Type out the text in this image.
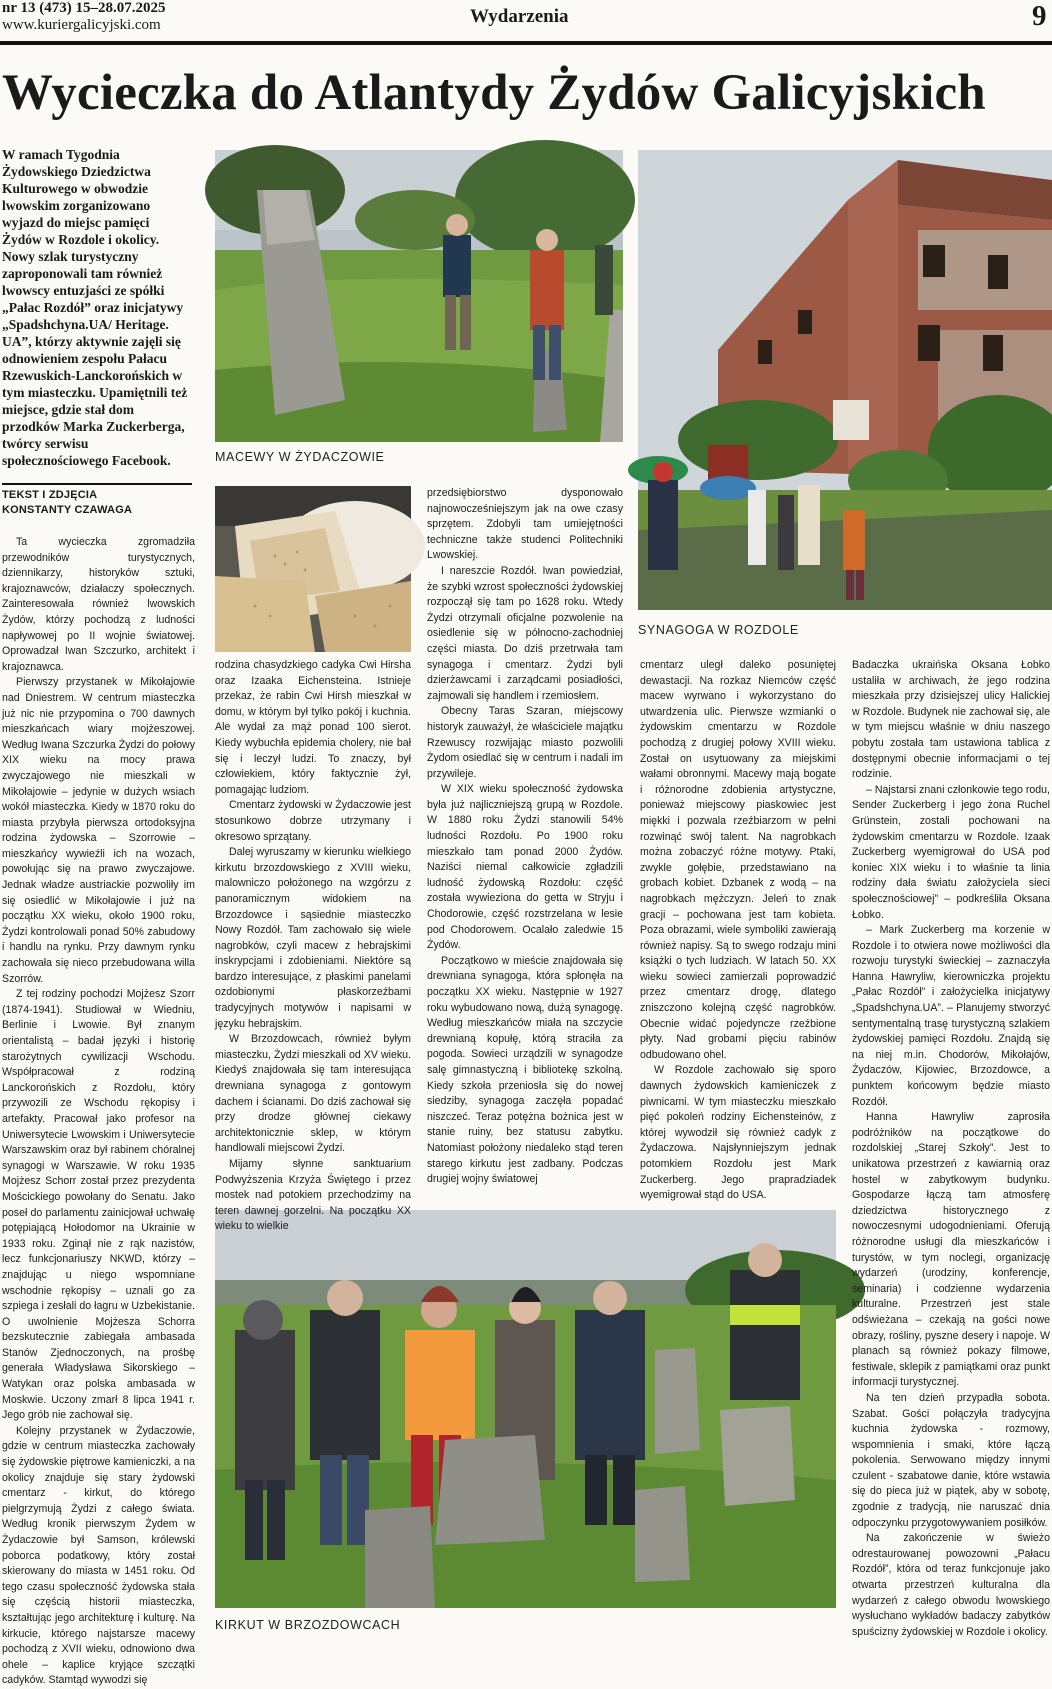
nr 13 (473) 15–28.07.2025
www.kuriergalicyjski.com	Wydarzenia	9
Wycieczka do Atlantydy Żydów Galicyjskich
W ramach Tygodnia Żydowskiego Dziedzictwa Kulturowego w obwodzie lwowskim zorganizowano wyjazd do miejsc pamięci Żydów w Rozdole i okolicy. Nowy szlak turystyczny zaproponowali tam również lwowscy entuzjaści ze spółki „Pałac Rozdół” oraz inicjatywy „Spadshchyna.UA/ Heritage. UA”, którzy aktywnie zajęli się odnowieniem zespołu Pałacu Rzewuskich-Lanckorońskich w tym miasteczku. Upamiętnili też miejsce, gdzie stał dom przodków Marka Zuckerberga, twórcy serwisu społecznościowego Facebook.
TEKST I ZDJĘCIA
KONSTANTY CZAWAGA
MACEWY W ŻYDACZOWIE
SYNAGOGA W ROZDOLE
KIRKUT W BRZOZDOWCACH

Ta wycieczka zgromadziła przewodników turystycznych, dziennikarzy, historyków sztuki, krajoznawców, działaczy społecznych. Zainteresowała również lwowskich Żydów, którzy pochodzą z ludności napływowej po II wojnie światowej. Oprowadzał Iwan Szczurko, architekt i krajoznawca.

Pierwszy przystanek w Mikołajowie nad Dniestrem. W centrum miasteczka już nic nie przypomina o 700 dawnych mieszkańcach wiary mojżeszowej. Według Iwana Szczurka Żydzi do połowy XIX wieku na mocy prawa zwyczajowego nie mieszkali w Mikołajowie – jedynie w dużych wsiach wokół miasteczka. Kiedy w 1870 roku do miasta przybyła pierwsza ortodoksyjna rodzina żydowska – Szorrowie – mieszkańcy wywieźli ich na wozach, powołując się na prawo zwyczajowe. Jednak władze austriackie pozwoliły im się osiedlić w Mikołajowie i już na początku XX wieku, około 1900 roku, Żydzi kontrolowali ponad 50% zabudowy i handlu na rynku. Przy dawnym rynku zachowała się nieco przebudowana willa Szorrów.

Z tej rodziny pochodzi Mojżesz Szorr (1874-1941). Studiował w Wiedniu, Berlinie i Lwowie. Był znanym orientalistą – badał języki i historię starożytnych cywilizacji Wschodu. Współpracował z rodziną Lanckorońskich z Rozdołu, który przywozili ze Wschodu rękopisy i artefakty. Pracował jako profesor na Uniwersytecie Lwowskim i Uniwersytecie Warszawskim oraz był rabinem chóralnej synagogi w Warszawie. W roku 1935 Mojżesz Schorr został przez prezydenta Mościckiego powołany do Senatu. Jako poseł do parlamentu zainicjował uchwałę potępiającą Hołodomor na Ukrainie w 1933 roku. Zginął nie z rąk nazistów, lecz funkcjonariuszy NKWD, którzy – znajdując u niego wspomniane wschodnie rękopisy – uznali go za szpiega i zesłali do łagru w Uzbekistanie. O uwolnienie Mojżesza Schorra bezskutecznie zabiegała ambasada Stanów Zjednoczonych, na prośbę generała Władysława Sikorskiego – Watykan oraz polska ambasada w Moskwie. Uczony zmarł 8 lipca 1941 r. Jego grób nie zachował się.

Kolejny przystanek w Żydaczowie, gdzie w centrum miasteczka zachowały się żydowskie piętrowe kamieniczki, a na okolicy znajduje się stary żydowski cmentarz - kirkut, do którego pielgrzymują Żydzi z całego świata. Według kronik pierwszym Żydem w Żydaczowie był Samson, królewski poborca podatkowy, który został skierowany do miasta w 1451 roku. Od tego czasu społeczność żydowska stała się częścią historii miasteczka, kształtując jego architekturę i kulturę. Na kirkucie, którego najstarsze macewy pochodzą z XVII wieku, odnowiono dwa ohele – kaplice kryjące szczątki cadyków. Stamtąd wywodzi się

rodzina chasydzkiego cadyka Cwi Hirsha oraz Izaaka Eichensteina. Istnieje przekaz, że rabin Cwi Hirsh mieszkał w domu, w którym był tylko pokój i kuchnia. Ale wydał za mąż ponad 100 sierot. Kiedy wybuchła epidemia cholery, nie bał się i leczył ludzi. To znaczy, był człowiekiem, który faktycznie żył, pomagając ludziom.

Cmentarz żydowski w Żydaczowie jest stosunkowo dobrze utrzymany i okresowo sprzątany.

Dalej wyruszamy w kierunku wielkiego kirkutu brzozdowskiego z XVIII wieku, malowniczo położonego na wzgórzu z panoramicznym widokiem na Brzozdowce i sąsiednie miasteczko Nowy Rozdół. Tam zachowało się wiele nagrobków, czyli macew z hebrajskimi inskrypcjami i zdobieniami. Niektóre są bardzo interesujące, z płaskimi panelami ozdobionymi płaskorzeźbami tradycyjnych motywów i napisami w języku hebrajskim.

W Brzozdowcach, również byłym miasteczku, Żydzi mieszkali od XV wieku. Kiedyś znajdowała się tam interesująca drewniana synagoga z gontowym dachem i ścianami. Do dziś zachował się przy drodze głównej ciekawy architektonicznie sklep, w którym handlowali miejscowi Żydzi.

Mijamy słynne sanktuarium Podwyższenia Krzyża Świętego i przez mostek nad potokiem przechodzimy na teren dawnej gorzelni. Na początku XX wieku to wielkie

przedsiębiorstwo dysponowało najnowocześniejszym jak na owe czasy sprzętem. Zdobyli tam umiejętności techniczne także studenci Politechniki Lwowskiej.

I nareszcie Rozdół. Iwan powiedział, że szybki wzrost społeczności żydowskiej rozpoczął się tam po 1628 roku. Wtedy Żydzi otrzymali oficjalne pozwolenie na osiedlenie się w północno-zachodniej części miasta. Do dziś przetrwała tam synagoga i cmentarz. Żydzi byli dzierżawcami i zarządcami posiadłości, zajmowali się handlem i rzemiosłem.

Obecny Taras Szaran, miejscowy historyk zauważył, że właściciele majątku Rzewuscy rozwijając miasto pozwolili Żydom osiedlać się w centrum i nadali im przywileje.

W XIX wieku społeczność żydowska była już najliczniejszą grupą w Rozdole. W 1880 roku Żydzi stanowili 54% ludności Rozdołu. Po 1900 roku mieszkało tam ponad 2000 Żydów. Naziści niemal całkowicie zgładzili ludność żydowską Rozdołu: część została wywieziona do getta w Stryju i Chodorowie, część rozstrzelana w lesie pod Chodorowem. Ocalało zaledwie 15 Żydów.

Początkowo w mieście znajdowała się drewniana synagoga, która spłonęła na początku XX wieku. Następnie w 1927 roku wybudowano nową, dużą synagogę. Według mieszkańców miała na szczycie drewnianą kopułę, którą straciła za pogoda. Sowieci urządzili w synagodze salę gimnastyczną i bibliotekę szkolną. Kiedy szkoła przeniosła się do nowej siedziby, synagoga zaczęła popadać niszczeć. Teraz potężna bożnica jest w stanie ruiny, bez statusu zabytku. Natomiast położony niedaleko stąd teren starego kirkutu jest zadbany. Podczas drugiej wojny światowej

cmentarz uległ daleko posuniętej dewastacji. Na rozkaz Niemców część macew wyrwano i wykorzystano do utwardzenia ulic. Pierwsze wzmianki o żydowskim cmentarzu w Rozdole pochodzą z drugiej połowy XVIII wieku. Został on usytuowany za miejskimi wałami obronnymi. Macewy mają bogate i różnorodne zdobienia artystyczne, ponieważ miejscowy piaskowiec jest miękki i pozwala rzeźbiarzom w pełni rozwinąć swój talent. Na nagrobkach można zobaczyć różne motywy. Ptaki, zwykle gołębie, przedstawiano na grobach kobiet. Dzbanek z wodą – na nagrobkach mężczyzn. Jeleń to znak gracji – pochowana jest tam kobieta. Poza obrazami, wiele symboliki zawierają również napisy. Są to swego rodzaju mini książki o tych ludziach. W latach 50. XX wieku sowieci zamierzali poprowadzić przez cmentarz drogę, dlatego zniszczono kolejną część nagrobków. Obecnie widać pojedyncze rzeźbione płyty. Nad grobami pięciu rabinów odbudowano ohel.

W Rozdole zachowało się sporo dawnych żydowskich kamieniczek z piwnicami. W tym miasteczku mieszkało pięć pokoleń rodziny Eichensteinów, z której wywodził się również cadyk z Żydaczowa. Najsłynniejszym jednak potomkiem Rozdołu jest Mark Zuckerberg. Jego prapradziadek wyemigrował stąd do USA.

Badaczka ukraińska Oksana Łobko ustaliła w archiwach, że jego rodzina mieszkała przy dzisiejszej ulicy Halickiej w Rozdole. Budynek nie zachował się, ale w tym miejscu właśnie w dniu naszego pobytu została tam ustawiona tablica z dostępnymi obecnie informacjami o tej rodzinie.

– Najstarsi znani członkowie tego rodu, Sender Zuckerberg i jego żona Ruchel Grünstein, zostali pochowani na żydowskim cmentarzu w Rozdole. Izaak Zuckerberg wyemigrował do USA pod koniec XIX wieku i to właśnie ta linia rodziny dała światu założyciela sieci społecznościowej” – podkreśliła Oksana Łobko.

– Mark Zuckerberg ma korzenie w Rozdole i to otwiera nowe możliwości dla rozwoju turystyki świeckiej – zaznaczyła Hanna Hawryliw, kierowniczka projektu „Pałac Rozdół” i założycielka inicjatywy „Spadshchyna.UA”. – Planujemy stworzyć sentymentalną trasę turystyczną szlakiem żydowskiej pamięci Rozdołu. Znajdą się na niej m.in. Chodorów, Mikołajów, Żydaczów, Kijowiec, Brzozdowce, a punktem końcowym będzie miasto Rozdół.

Hanna Hawryliw zaprosiła podróżników na początkowe do rozdolskiej „Starej Szkoły”. Jest to unikatowa przestrzeń z kawiarnią oraz hostel w zabytkowym budynku. Gospodarze łączą tam atmosferę dziedzictwa historycznego z nowoczesnymi udogodnieniami. Oferują różnorodne usługi dla mieszkańców i turystów, w tym noclegi, organizację wydarzeń (urodziny, konferencje, seminaria) i codzienne wydarzenia kulturalne. Przestrzeń jest stale odświeżana – czekają na gości nowe obrazy, rośliny, pyszne desery i napoje. W planach są również pokazy filmowe, festiwale, sklepik z pamiątkami oraz punkt informacji turystycznej.

Na ten dzień przypadła sobota. Szabat. Gości połączyła tradycyjna kuchnia żydowska - rozmowy, wspomnienia i smaki, które łączą pokolenia. Serwowano między innymi czulent - szabatowe danie, które wstawia się do pieca już w piątek, aby w sobotę, zgodnie z tradycją, nie naruszać dnia odpoczynku przygotowywaniem posiłków.

Na zakończenie w świeżo odrestaurowanej powozowni „Pałacu Rozdół”, która od teraz funkcjonuje jako otwarta przestrzeń kulturalna dla wydarzeń z całego obwodu lwowskiego wysłuchano wykładów badaczy zabytków spuścizny żydowskiej w Rozdole i okolicy.
